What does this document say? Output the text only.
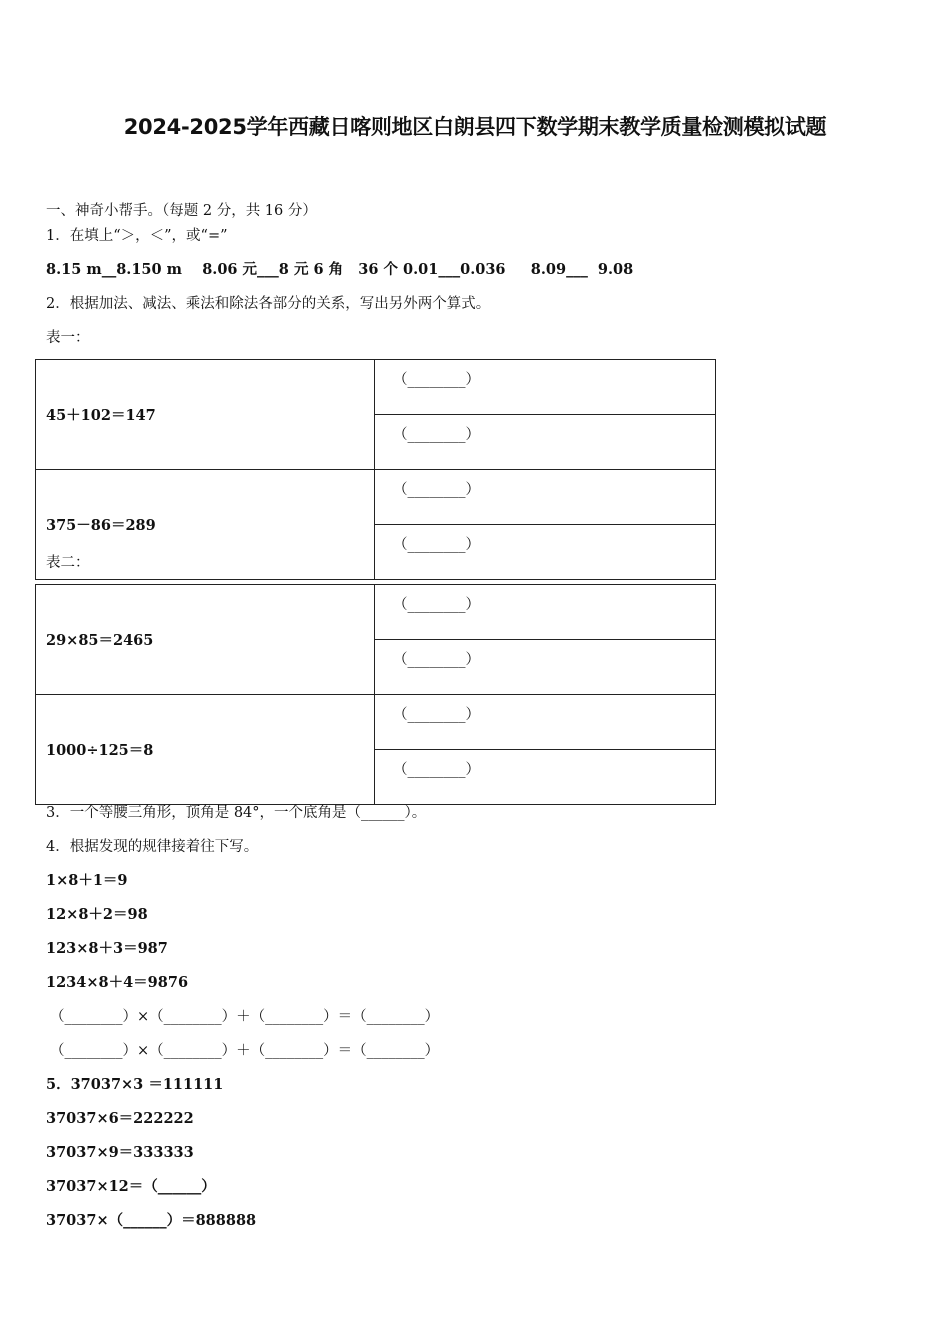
2024-2025学年西藏日喀则地区白朗县四下数学期末教学质量检测模拟试题
一、神奇小帮手。（每题 2 分，共 16 分）
1．在填上“＞，＜”，或“=”
8.15 m__8.150 m    8.06 元___8 元 6 角   36 个 0.01___0.036     8.09___  9.08
2．根据加法、减法、乘法和除法各部分的关系，写出另外两个算式。
表一：
45＋102＝147	（________）
	（________）
375－86＝289	（________）
	（________）
表二：
29×85＝2465	（________）
	（________）
1000÷125＝8	（________）
	（________）
3．一个等腰三角形，顶角是 84°，一个底角是（______）。
4．根据发现的规律接着往下写。
1×8＋1＝9
12×8＋2＝98
123×8＋3＝987
1234×8＋4＝9876
（________）×（________）＋（________）＝（________）
（________）×（________）＋（________）＝（________）
5．37037×3 ＝111111
37037×6＝222222
37037×9＝333333
37037×12＝（______）
37037×（______）＝888888
